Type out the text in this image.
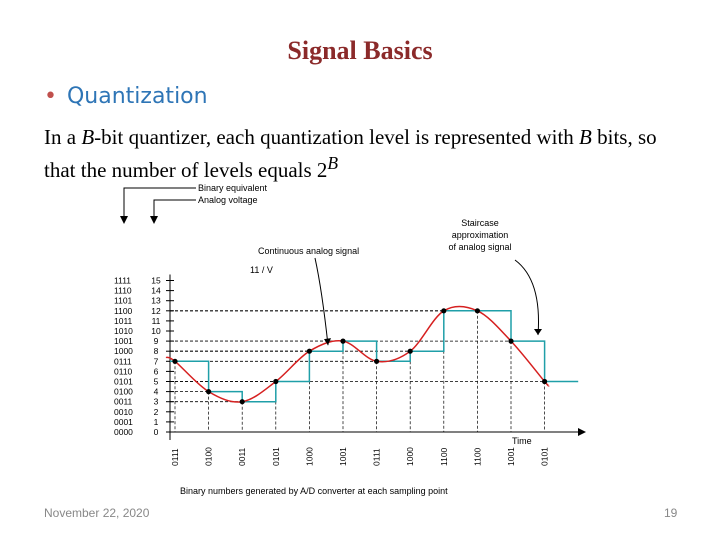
Signal Basics
• Quantization
In a B-bit quantizer, each quantization level is represented with B bits, so that the number of levels equals $2^B$
Binary equivalent
Analog voltage
0000
0001
0010
0011
0100
0101
0110
0111
1000
1001
1010
1011
1100
1101
1110
1111
0
1
2
3
4
5
6
7
8
9
10
11
12
13
14
15
Time
Continuous analog signal
11 / V
Staircase
approximation
of analog signal
0111	0100	0011	0101	1000	1001	0111	1000	1100	1100	1001	0101
Binary numbers generated by A/D converter at each sampling point
November 22, 2020	19
